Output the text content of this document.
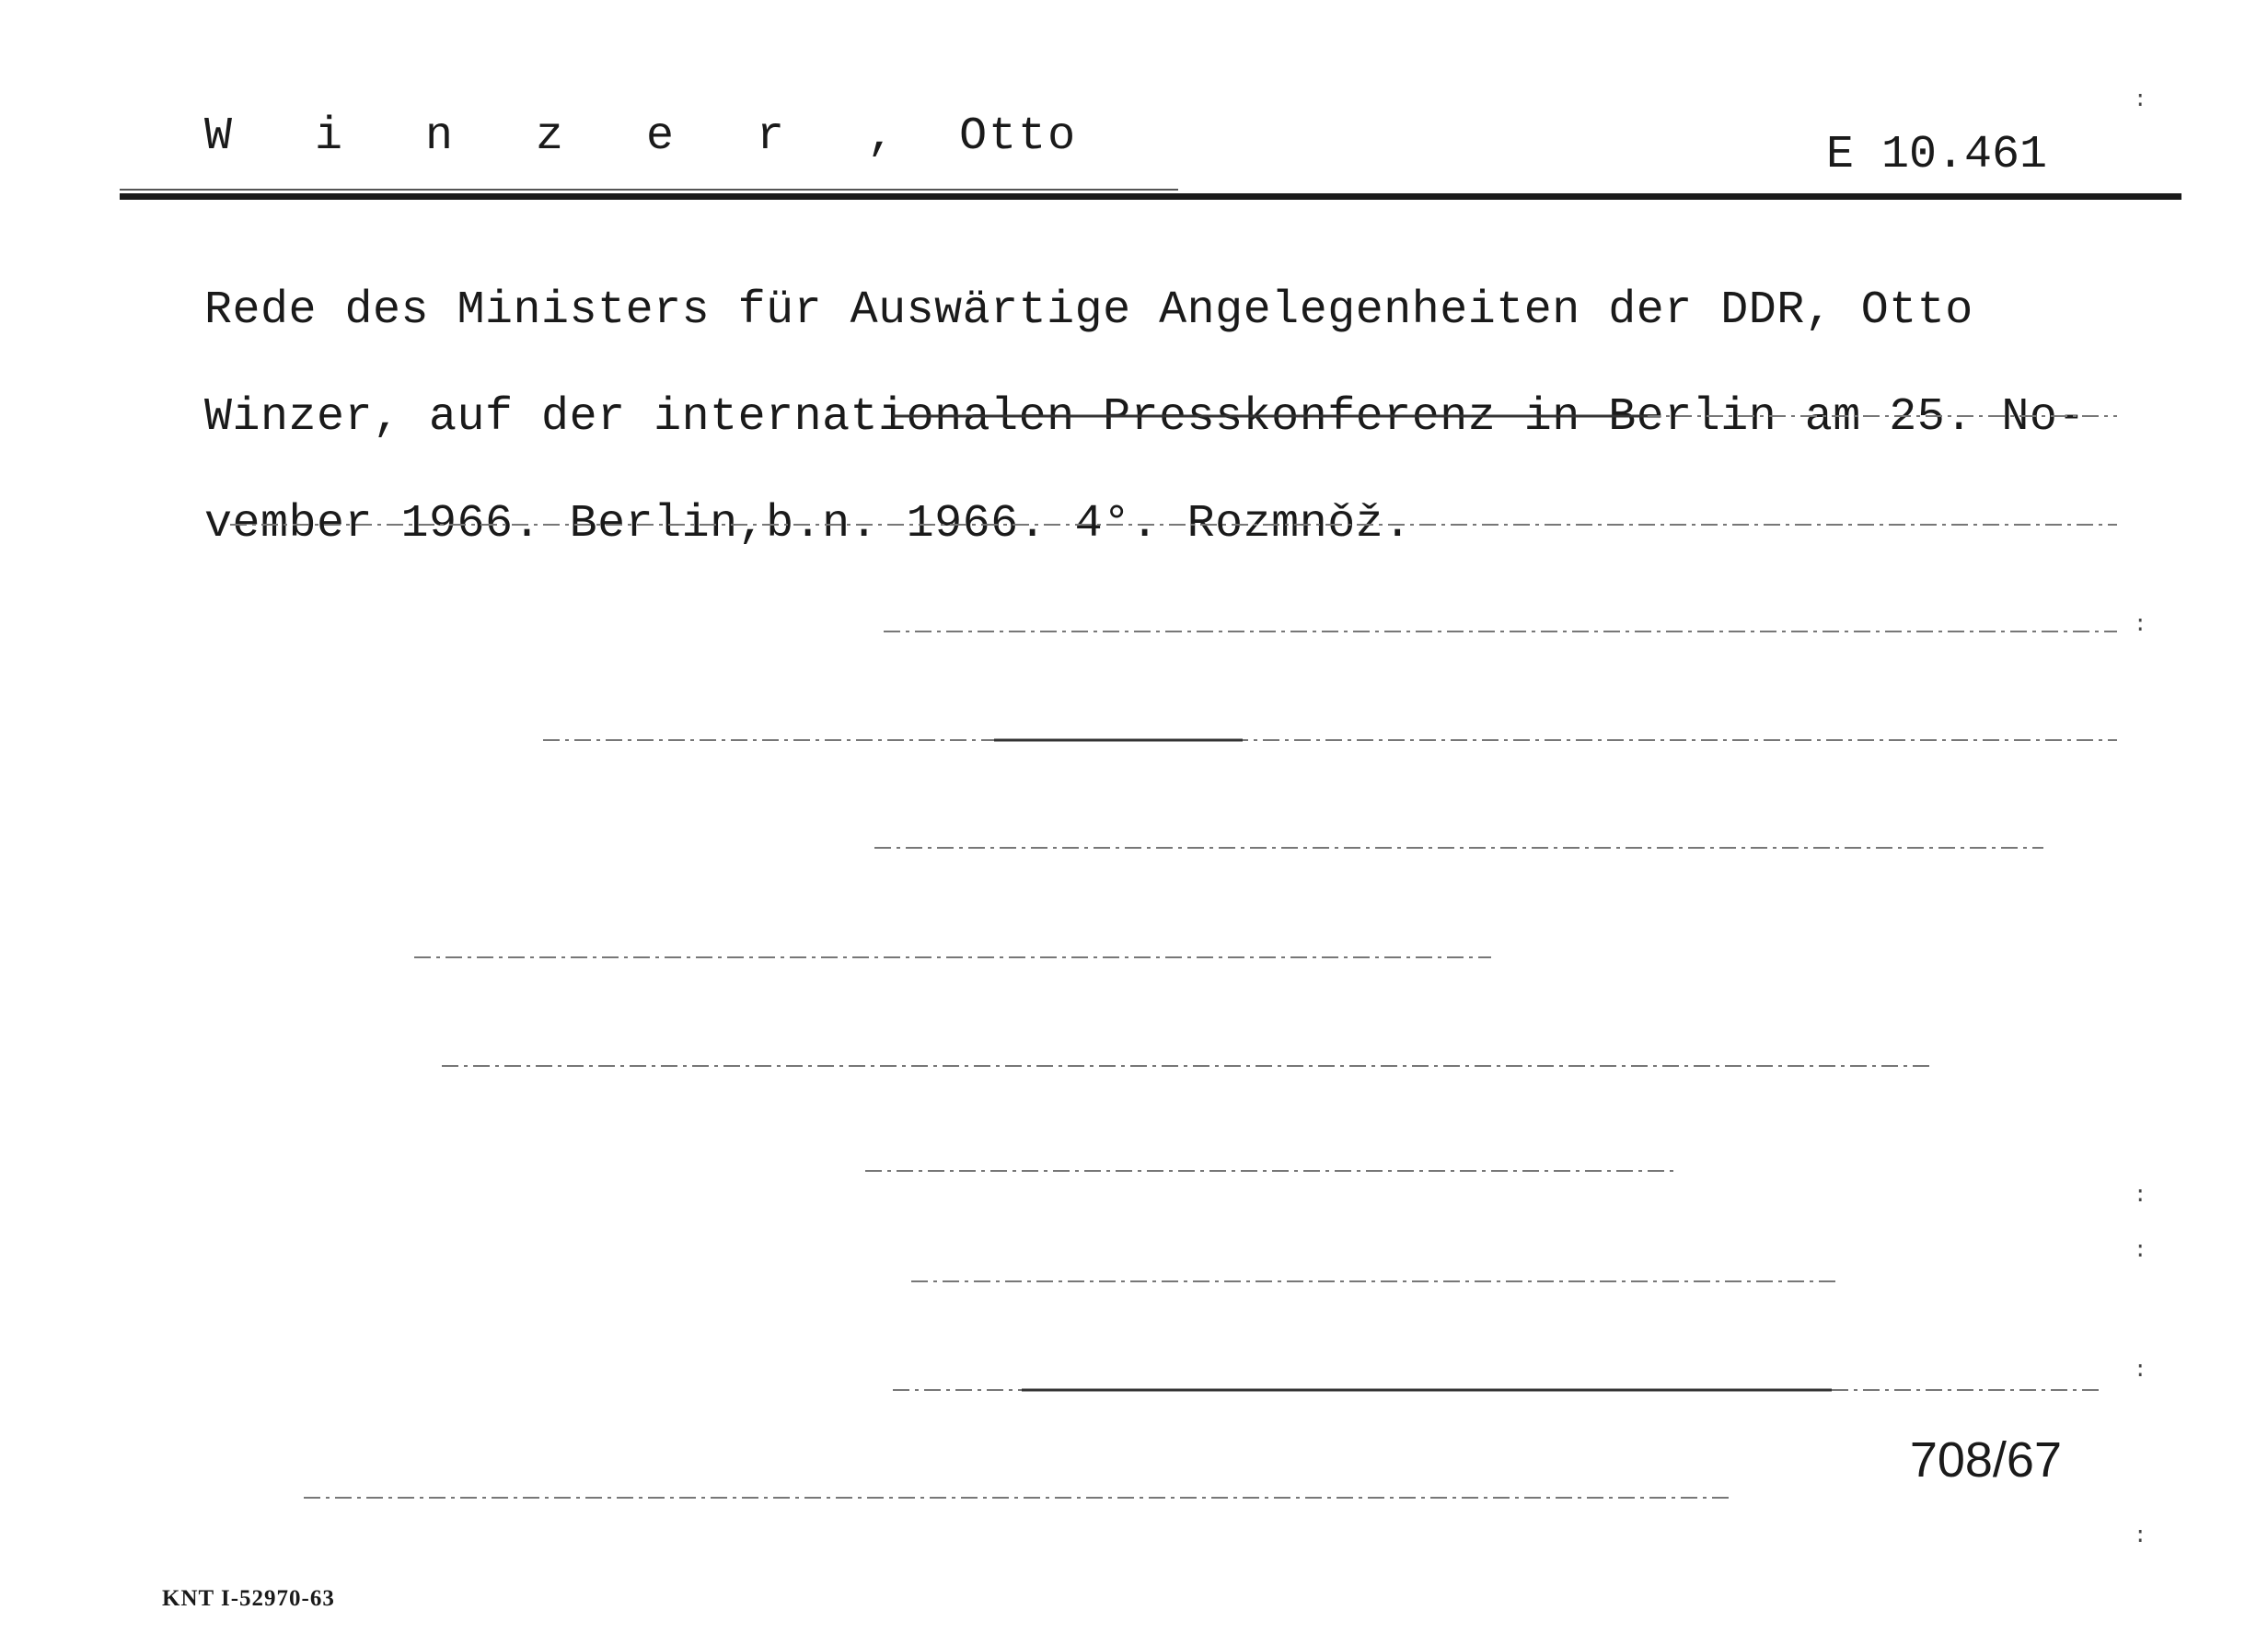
W i n z e r , Otto	E 10.461
Rede des Ministers für Auswärtige Angelegenheiten der DDR, Otto
Winzer, auf der internationalen Presskonferenz in Berlin am 25. No-
vember 1966. Berlin,b.n. 1966. 4°. Rozmnǒž.
:
:
:
:
:
:
708/67
KNT I-52970-63
